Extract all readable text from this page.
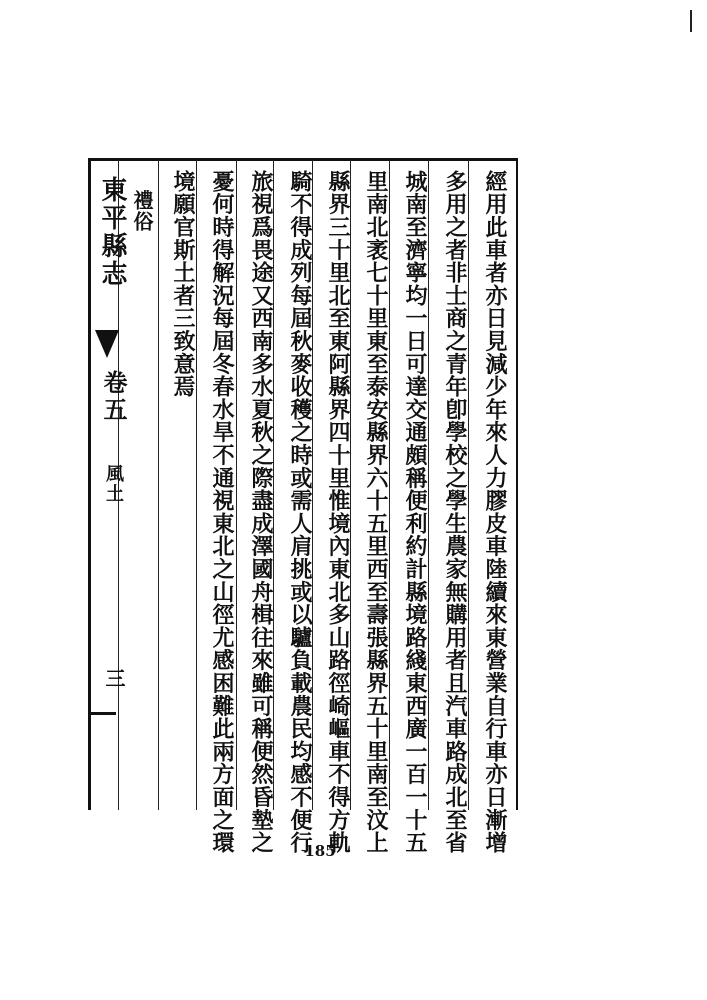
經用此車者亦日見減少年來人力膠皮車陸續來東營業自行車亦日漸增
多用之者非士商之青年卽學校之學生農家無購用者且汽車路成北至省
城南至濟寧均一日可達交通頗稱便利約計縣境路綫東西廣一百一十五
里南北袤七十里東至泰安縣界六十五里西至壽張縣界五十里南至汶上
縣界三十里北至東阿縣界四十里惟境內東北多山路徑崎嶇車不得方軌
騎不得成列每屆秋麥收穫之時或需人肩挑或以驢負載農民均感不便行
旅視爲畏途又西南多水夏秋之際盡成澤國舟楫往來雖可稱便然昏墊之
憂何時得解況每屆冬春水旱不通視東北之山徑尤感困難此兩方面之環
境願官斯土者三致意焉
禮俗
東平縣志
卷五
風土
三
185
